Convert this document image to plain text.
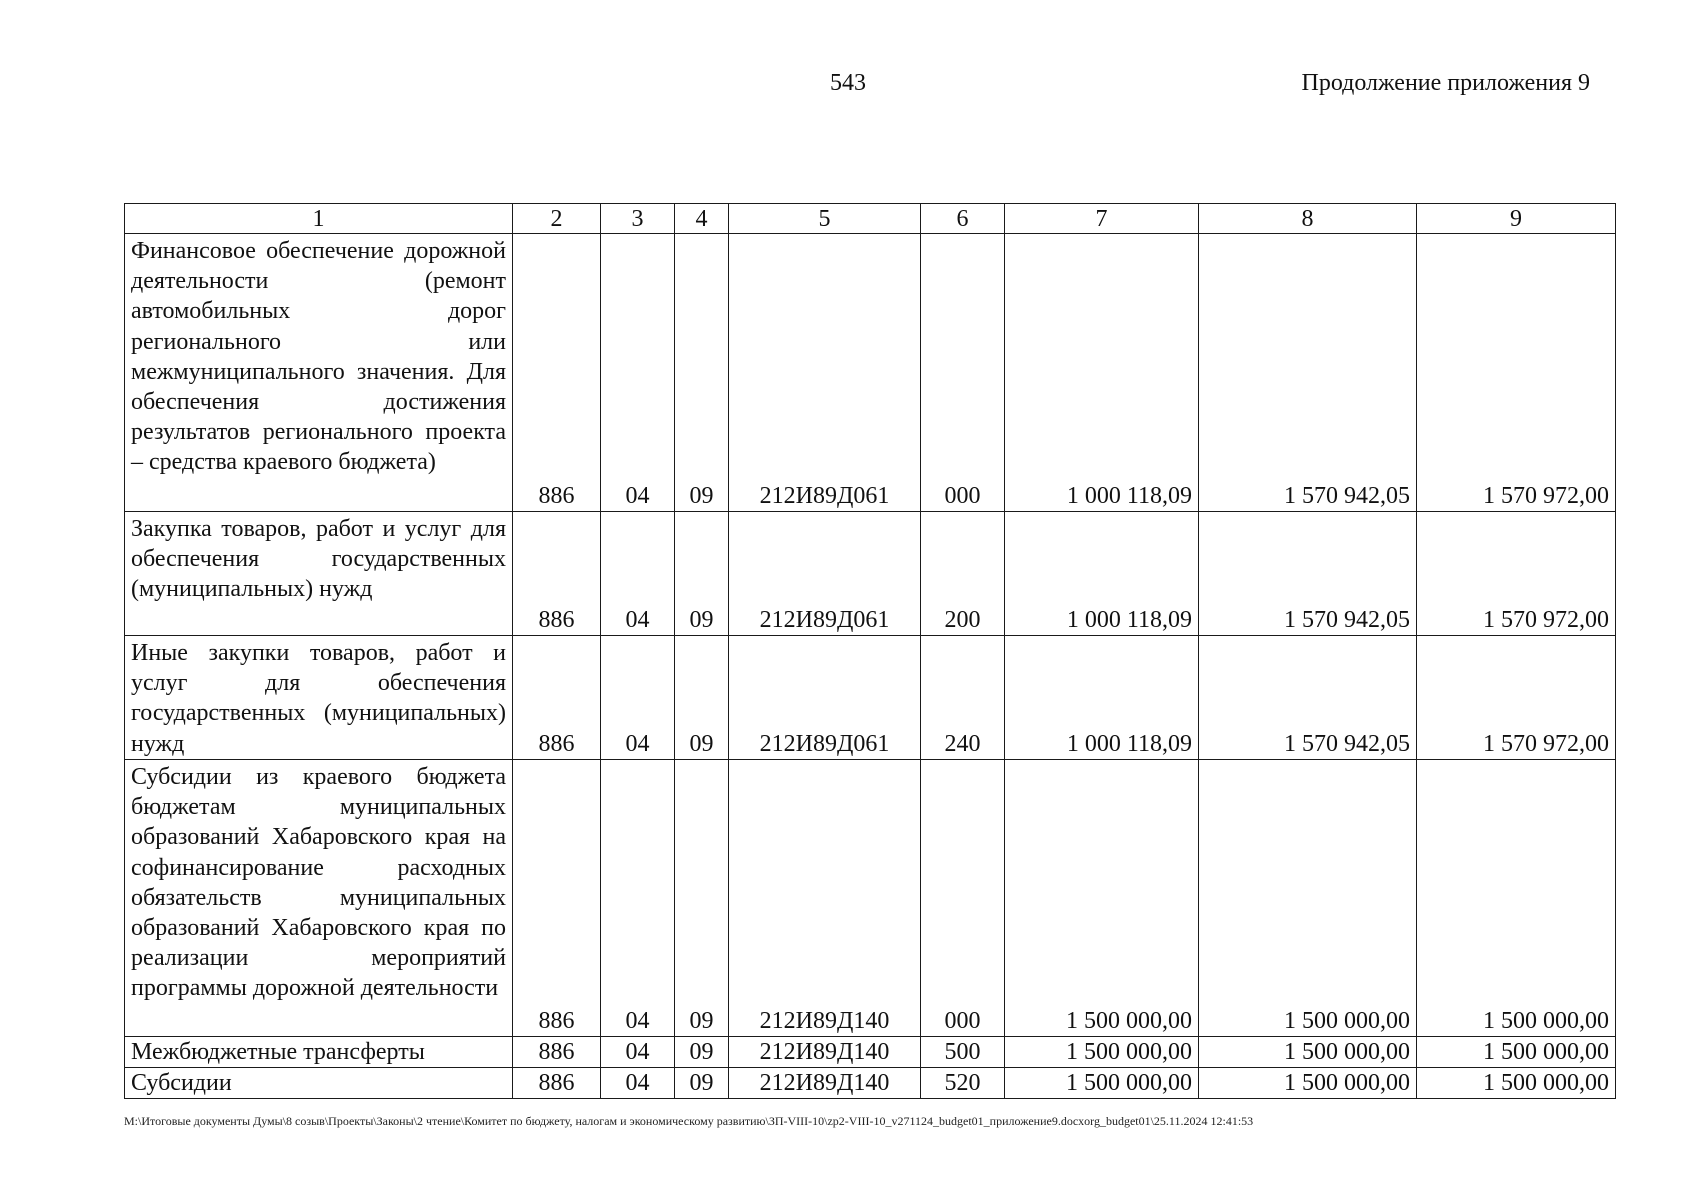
543	Продолжение приложения 9
1	2	3	4	5	6	7	8	9
Финансовое обеспечение дорожной деятельности (ремонт автомобильных дорог регионального или межмуниципального значения. Для обеспечения достижения результатов регионального проекта – средства краевого бюджета)	886	04	09	212И89Д061	000	1 000 118,09	1 570 942,05	1 570 972,00
Закупка товаров, работ и услуг для обеспечения государственных (муниципальных) нужд	886	04	09	212И89Д061	200	1 000 118,09	1 570 942,05	1 570 972,00
Иные закупки товаров, работ и услуг для обеспечения государственных (муниципальных) нужд	886	04	09	212И89Д061	240	1 000 118,09	1 570 942,05	1 570 972,00
Субсидии из краевого бюджета бюджетам муниципальных образований Хабаровского края на софинансирование расходных обязательств муниципальных образований Хабаровского края по реализации мероприятий программы дорожной деятельности	886	04	09	212И89Д140	000	1 500 000,00	1 500 000,00	1 500 000,00
Межбюджетные трансферты	886	04	09	212И89Д140	500	1 500 000,00	1 500 000,00	1 500 000,00
Субсидии	886	04	09	212И89Д140	520	1 500 000,00	1 500 000,00	1 500 000,00
M:\Итоговые документы Думы\8 созыв\Проекты\Законы\2 чтение\Комитет по бюджету, налогам и экономическому развитию\ЗП-VIII-10\zp2-VIII-10_v271124_budget01_приложение9.docxorg_budget01\25.11.2024 12:41:53
